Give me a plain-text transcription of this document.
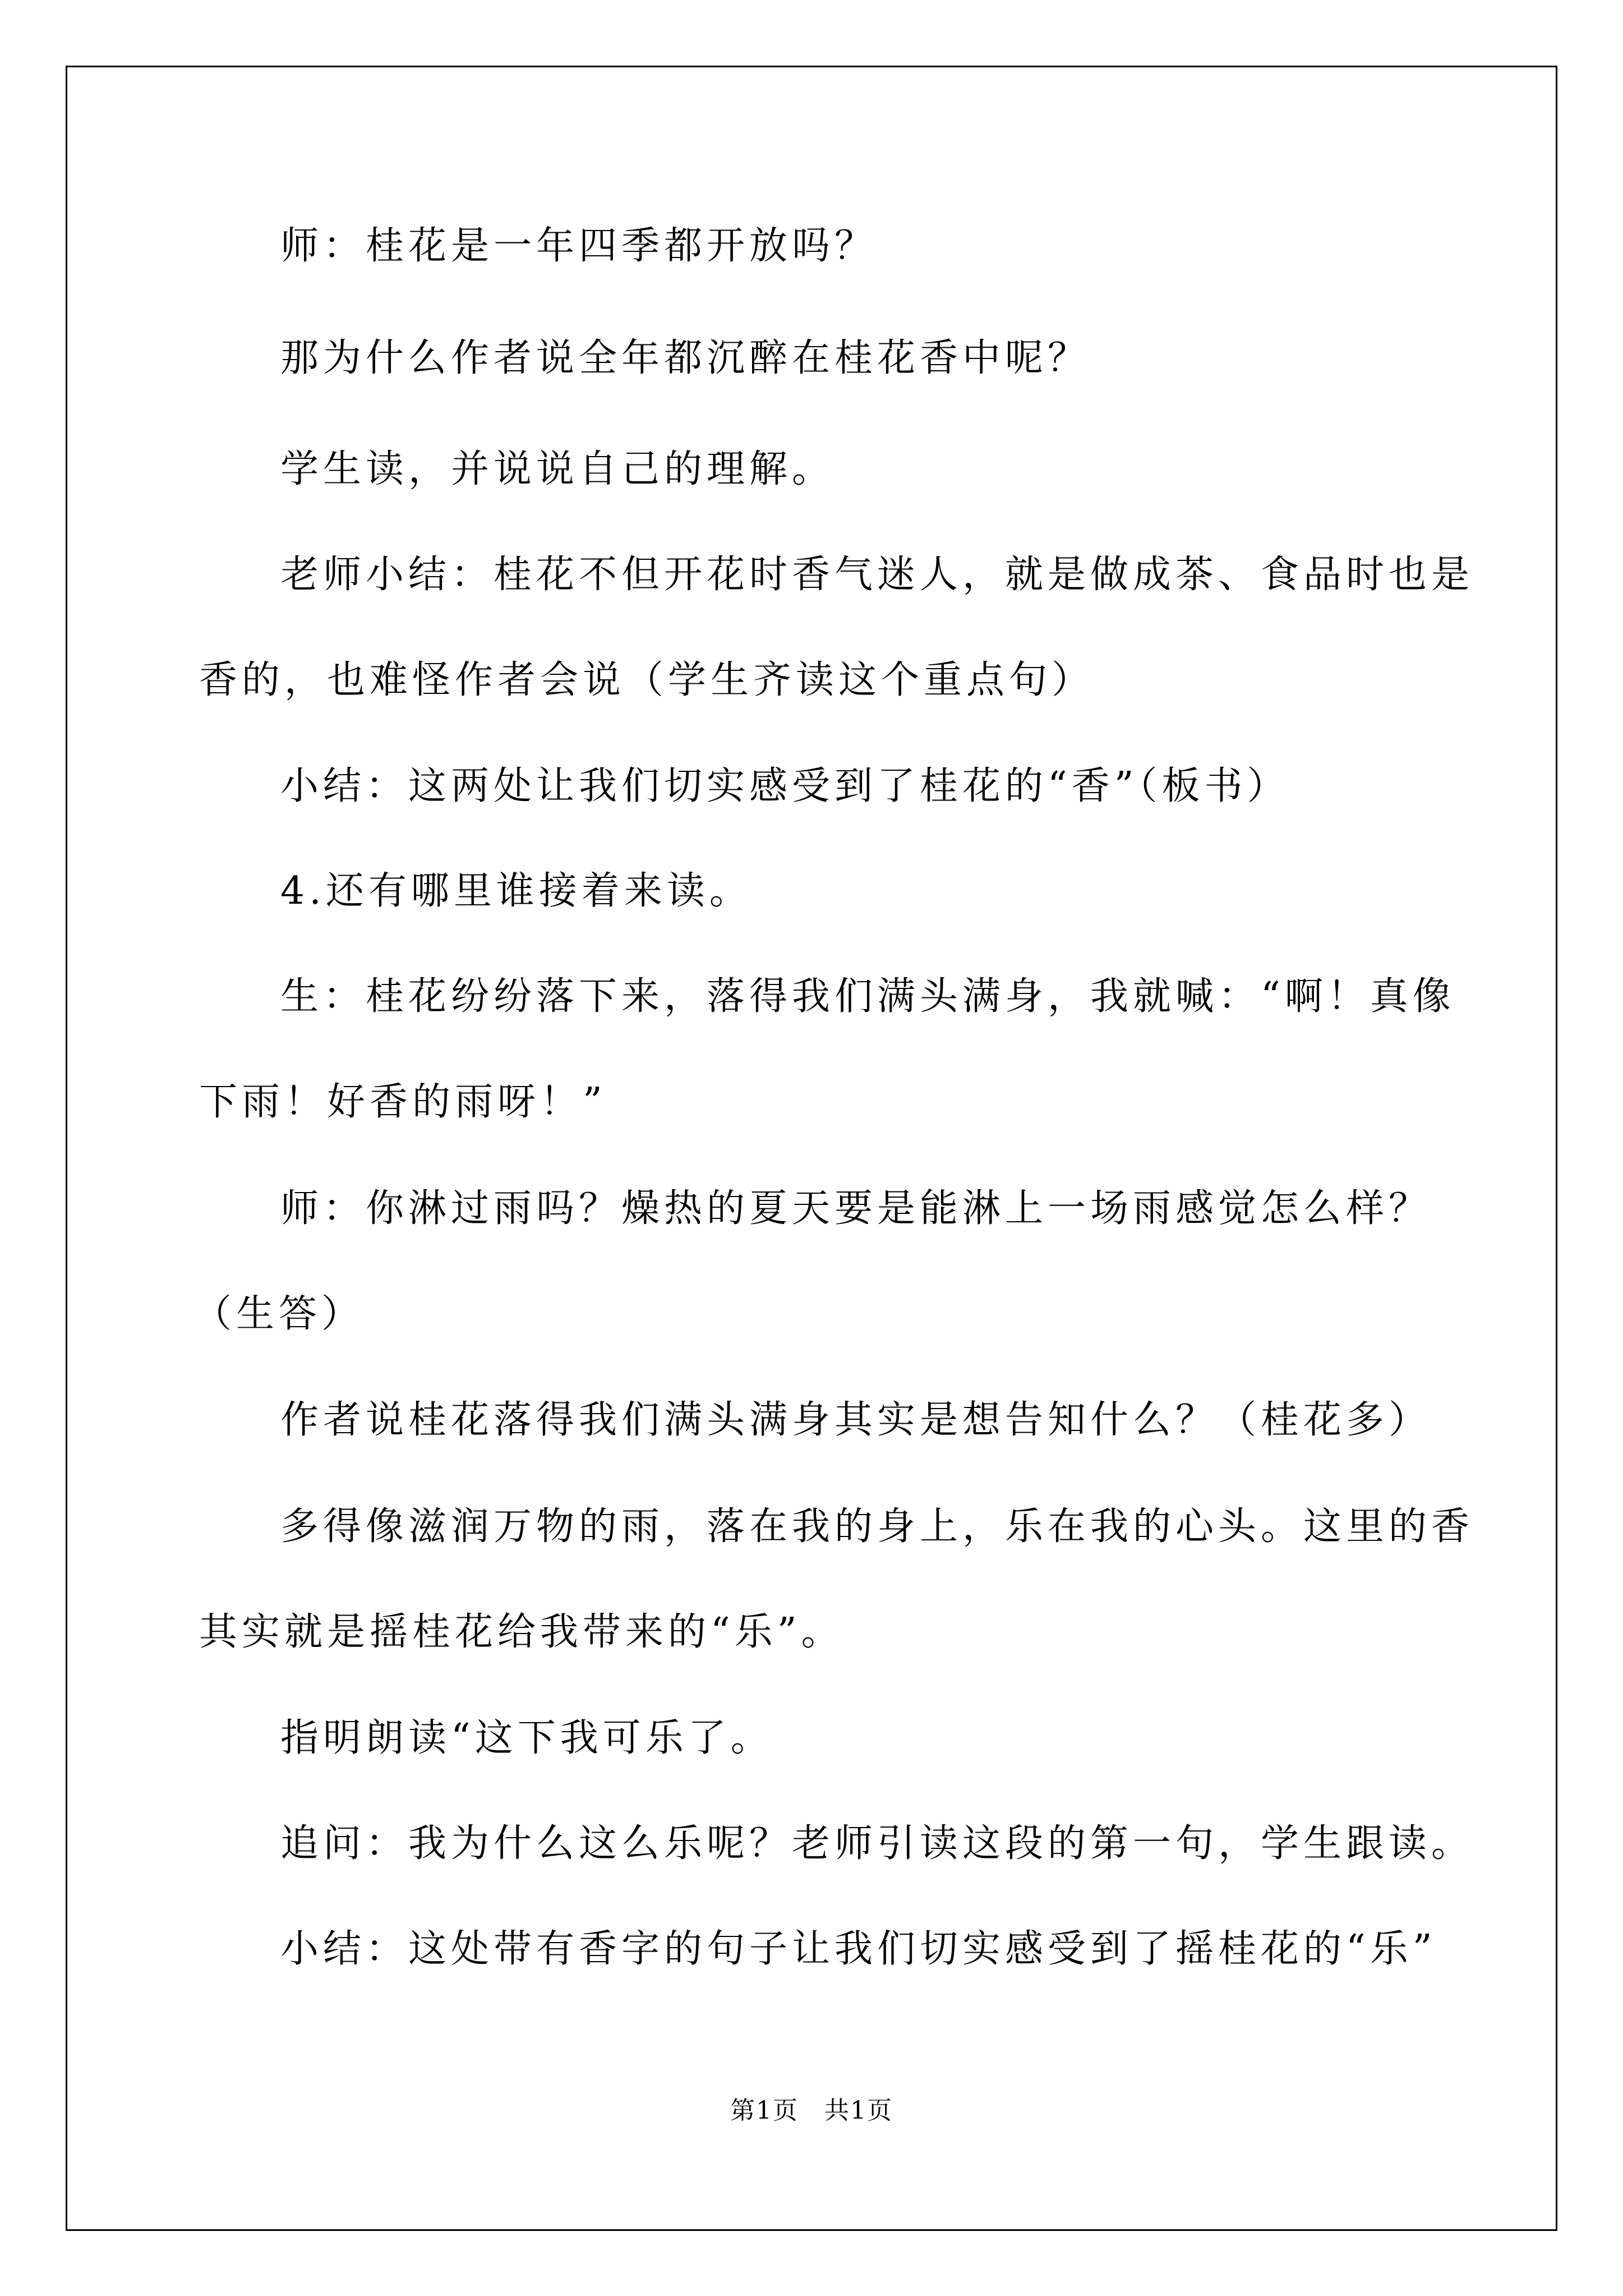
师：桂花是一年四季都开放吗？
那为什么作者说全年都沉醉在桂花香中呢？
学生读，并说说自己的理解。
老师小结：桂花不但开花时香气迷人，就是做成茶、食品时也是
香的，也难怪作者会说（学生齐读这个重点句）
小结：这两处让我们切实感受到了桂花的“香”（板书）
4.还有哪里谁接着来读。
生：桂花纷纷落下来，落得我们满头满身，我就喊：“啊！真像
下雨！好香的雨呀！”
师：你淋过雨吗？燥热的夏天要是能淋上一场雨感觉怎么样？
（生答）
作者说桂花落得我们满头满身其实是想告知什么？（桂花多）
多得像滋润万物的雨，落在我的身上，乐在我的心头。这里的香
其实就是摇桂花给我带来的“乐”。
指明朗读“这下我可乐了。
追问：我为什么这么乐呢？老师引读这段的第一句，学生跟读。
小结：这处带有香字的句子让我们切实感受到了摇桂花的“乐”
第1页　共1页
